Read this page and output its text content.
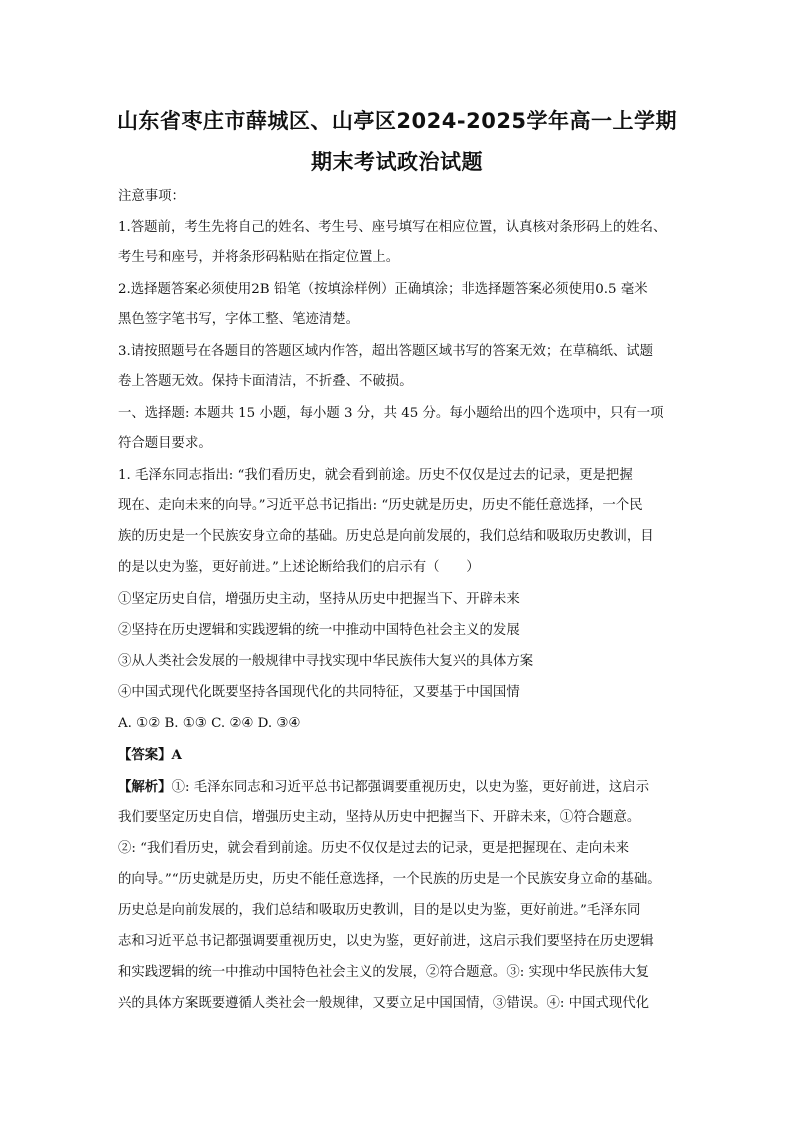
山东省枣庄市薛城区、山亭区2024-2025学年高一上学期
期末考试政治试题
注意事项：
1.答题前，考生先将自己的姓名、考生号、座号填写在相应位置，认真核对条形码上的姓名、
考生号和座号，并将条形码粘贴在指定位置上。
2.选择题答案必须使用2B 铅笔（按填涂样例）正确填涂；非选择题答案必须使用0.5 毫米
黑色签字笔书写，字体工整、笔迹清楚。
3.请按照题号在各题目的答题区域内作答，超出答题区域书写的答案无效；在草稿纸、试题
卷上答题无效。保持卡面清洁，不折叠、不破损。
一、选择题: 本题共 15 小题，每小题 3 分，共 45 分。每小题给出的四个选项中，只有一项
符合题目要求。
1. 毛泽东同志指出: “我们看历史，就会看到前途。历史不仅仅是过去的记录，更是把握
现在、走向未来的向导。”习近平总书记指出: “历史就是历史，历史不能任意选择，一个民
族的历史是一个民族安身立命的基础。历史总是向前发展的，我们总结和吸取历史教训，目
的是以史为鉴，更好前进。”上述论断给我们的启示有（　　）
①坚定历史自信，增强历史主动，坚持从历史中把握当下、开辟未来
②坚持在历史逻辑和实践逻辑的统一中推动中国特色社会主义的发展
③从人类社会发展的一般规律中寻找实现中华民族伟大复兴的具体方案
④中国式现代化既要坚持各国现代化的共同特征，又要基于中国国情
A. ①② B. ①③ C. ②④ D. ③④
【答案】A
【解析】①: 毛泽东同志和习近平总书记都强调要重视历史，以史为鉴，更好前进，这启示
我们要坚定历史自信，增强历史主动，坚持从历史中把握当下、开辟未来，①符合题意。
②: “我们看历史，就会看到前途。历史不仅仅是过去的记录，更是把握现在、走向未来
的向导。”“历史就是历史，历史不能任意选择，一个民族的历史是一个民族安身立命的基础。
历史总是向前发展的，我们总结和吸取历史教训，目的是以史为鉴，更好前进。”毛泽东同
志和习近平总书记都强调要重视历史，以史为鉴，更好前进，这启示我们要坚持在历史逻辑
和实践逻辑的统一中推动中国特色社会主义的发展，②符合题意。③: 实现中华民族伟大复
兴的具体方案既要遵循人类社会一般规律，又要立足中国国情，③错误。④: 中国式现代化
